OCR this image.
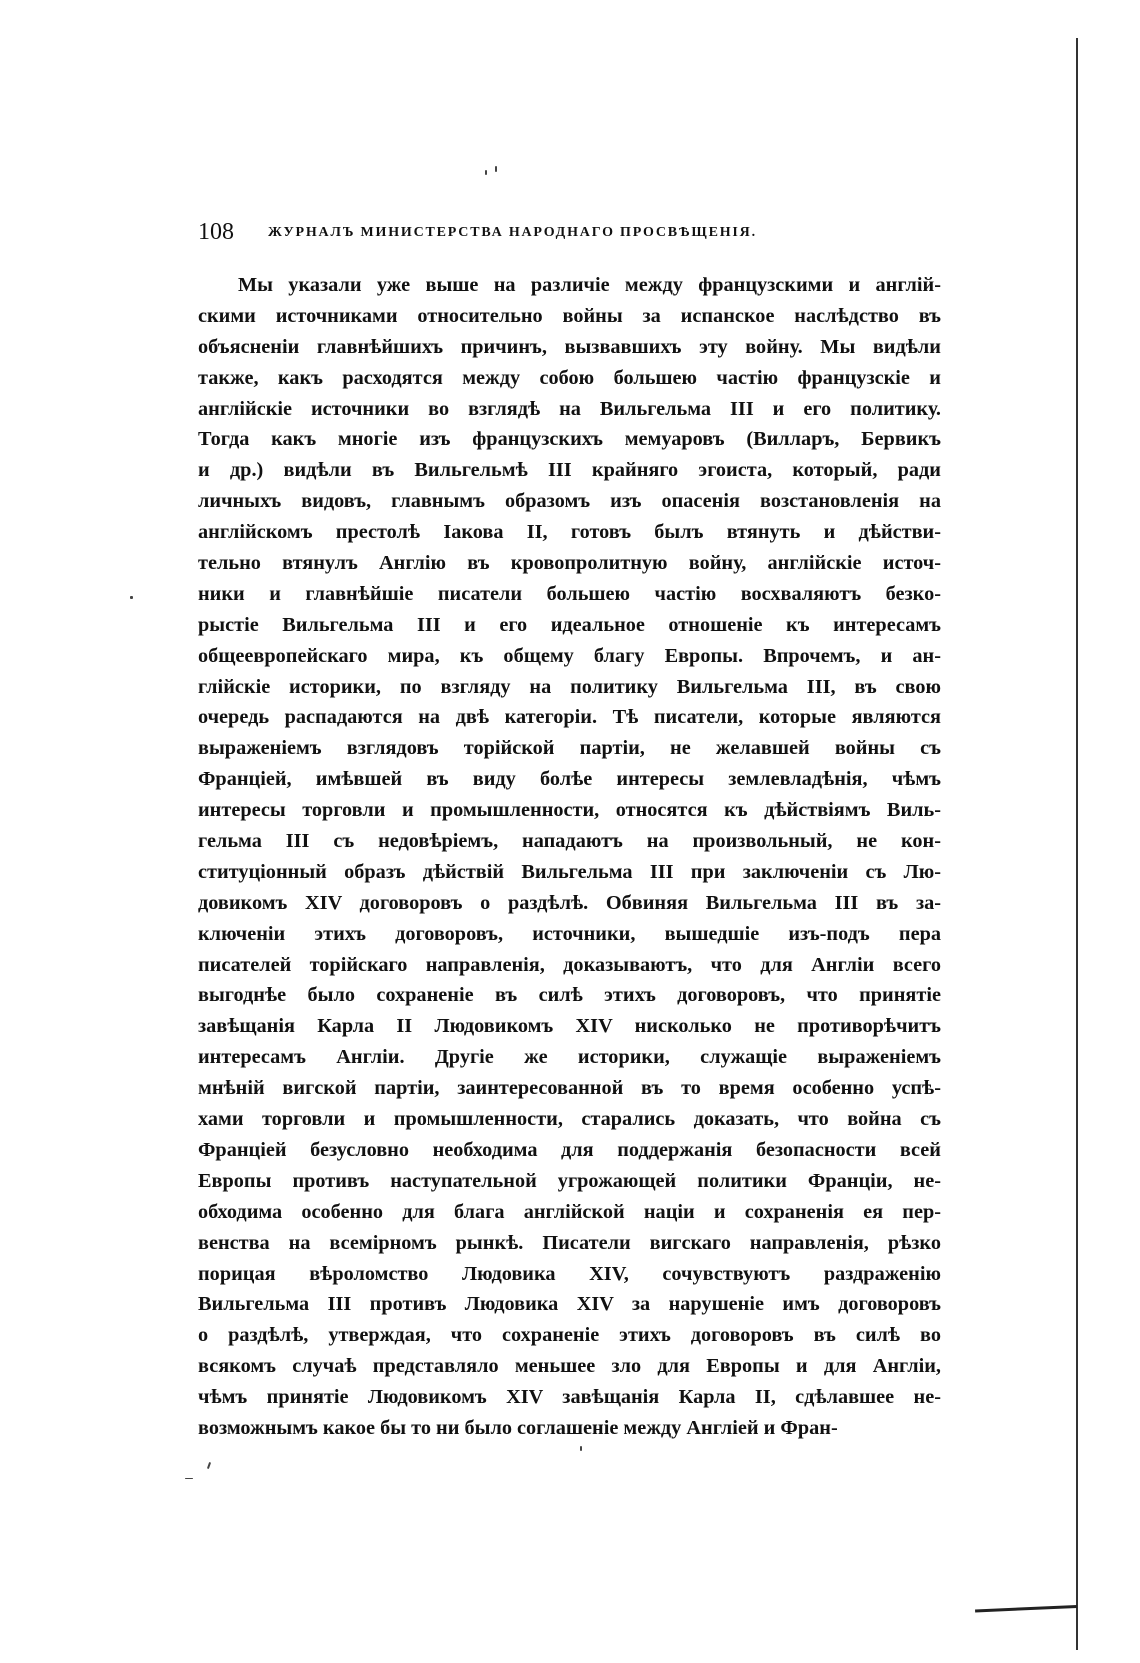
108 ЖУРНАЛЪ МИНИСТЕРСТВА НАРОДНАГО ПРОСВѢЩЕНІЯ.
Мы указали уже выше на различіе между французскими и англій-
скими источниками относительно войны за испанское наслѣдство въ
объясненіи главнѣйшихъ причинъ, вызвавшихъ эту войну. Мы видѣли
также, какъ расходятся между собою большею частію французскіе и
англійскіе источники во взглядѣ на Вильгельма III и его политику.
Тогда какъ многіе изъ французскихъ мемуаровъ (Вилларъ, Бервикъ
и др.) видѣли въ Вильгельмѣ III крайняго эгоиста, который, ради
личныхъ видовъ, главнымъ образомъ изъ опасенія возстановленія на
англійскомъ престолѣ Іакова II, готовъ былъ втянуть и дѣйстви-
тельно втянулъ Англію въ кровопролитную войну, англійскіе источ-
ники и главнѣйшіе писатели большею частію восхваляютъ безко-
рыстіе Вильгельма III и его идеальное отношеніе къ интересамъ
общеевропейскаго мира, къ общему благу Европы. Впрочемъ, и ан-
глійскіе историки, по взгляду на политику Вильгельма III, въ свою
очередь распадаются на двѣ категоріи. Тѣ писатели, которые являются
выраженіемъ взглядовъ торійской партіи, не желавшей войны съ
Франціей, имѣвшей въ виду болѣе интересы землевладѣнія, чѣмъ
интересы торговли и промышленности, относятся къ дѣйствіямъ Виль-
гельма III съ недовѣріемъ, нападаютъ на произвольный, не кон-
ституціонный образъ дѣйствій Вильгельма III при заключеніи съ Лю-
довикомъ XIV договоровъ о раздѣлѣ. Обвиняя Вильгельма III въ за-
ключеніи этихъ договоровъ, источники, вышедшіе изъ-подъ пера
писателей торійскаго направленія, доказываютъ, что для Англіи всего
выгоднѣе было сохраненіе въ силѣ этихъ договоровъ, что принятіе
завѣщанія Карла II Людовикомъ XIV нисколько не противорѣчитъ
интересамъ Англіи. Другіе же историки, служащіе выраженіемъ
мнѣній вигской партіи, заинтересованной въ то время особенно успѣ-
хами торговли и промышленности, старались доказать, что война съ
Франціей безусловно необходима для поддержанія безопасности всей
Европы противъ наступательной угрожающей политики Франціи, не-
обходима особенно для блага англійской націи и сохраненія ея пер-
венства на всемірномъ рынкѣ. Писатели вигскаго направленія, рѣзко
порицая вѣроломство Людовика XIV, сочувствуютъ раздраженію
Вильгельма III противъ Людовика XIV за нарушеніе имъ договоровъ
о раздѣлѣ, утверждая, что сохраненіе этихъ договоровъ въ силѣ во
всякомъ случаѣ представляло меньшее зло для Европы и для Англіи,
чѣмъ принятіе Людовикомъ XIV завѣщанія Карла II, сдѣлавшее не-
возможнымъ какое бы то ни было соглашеніе между Англіей и Фран-
